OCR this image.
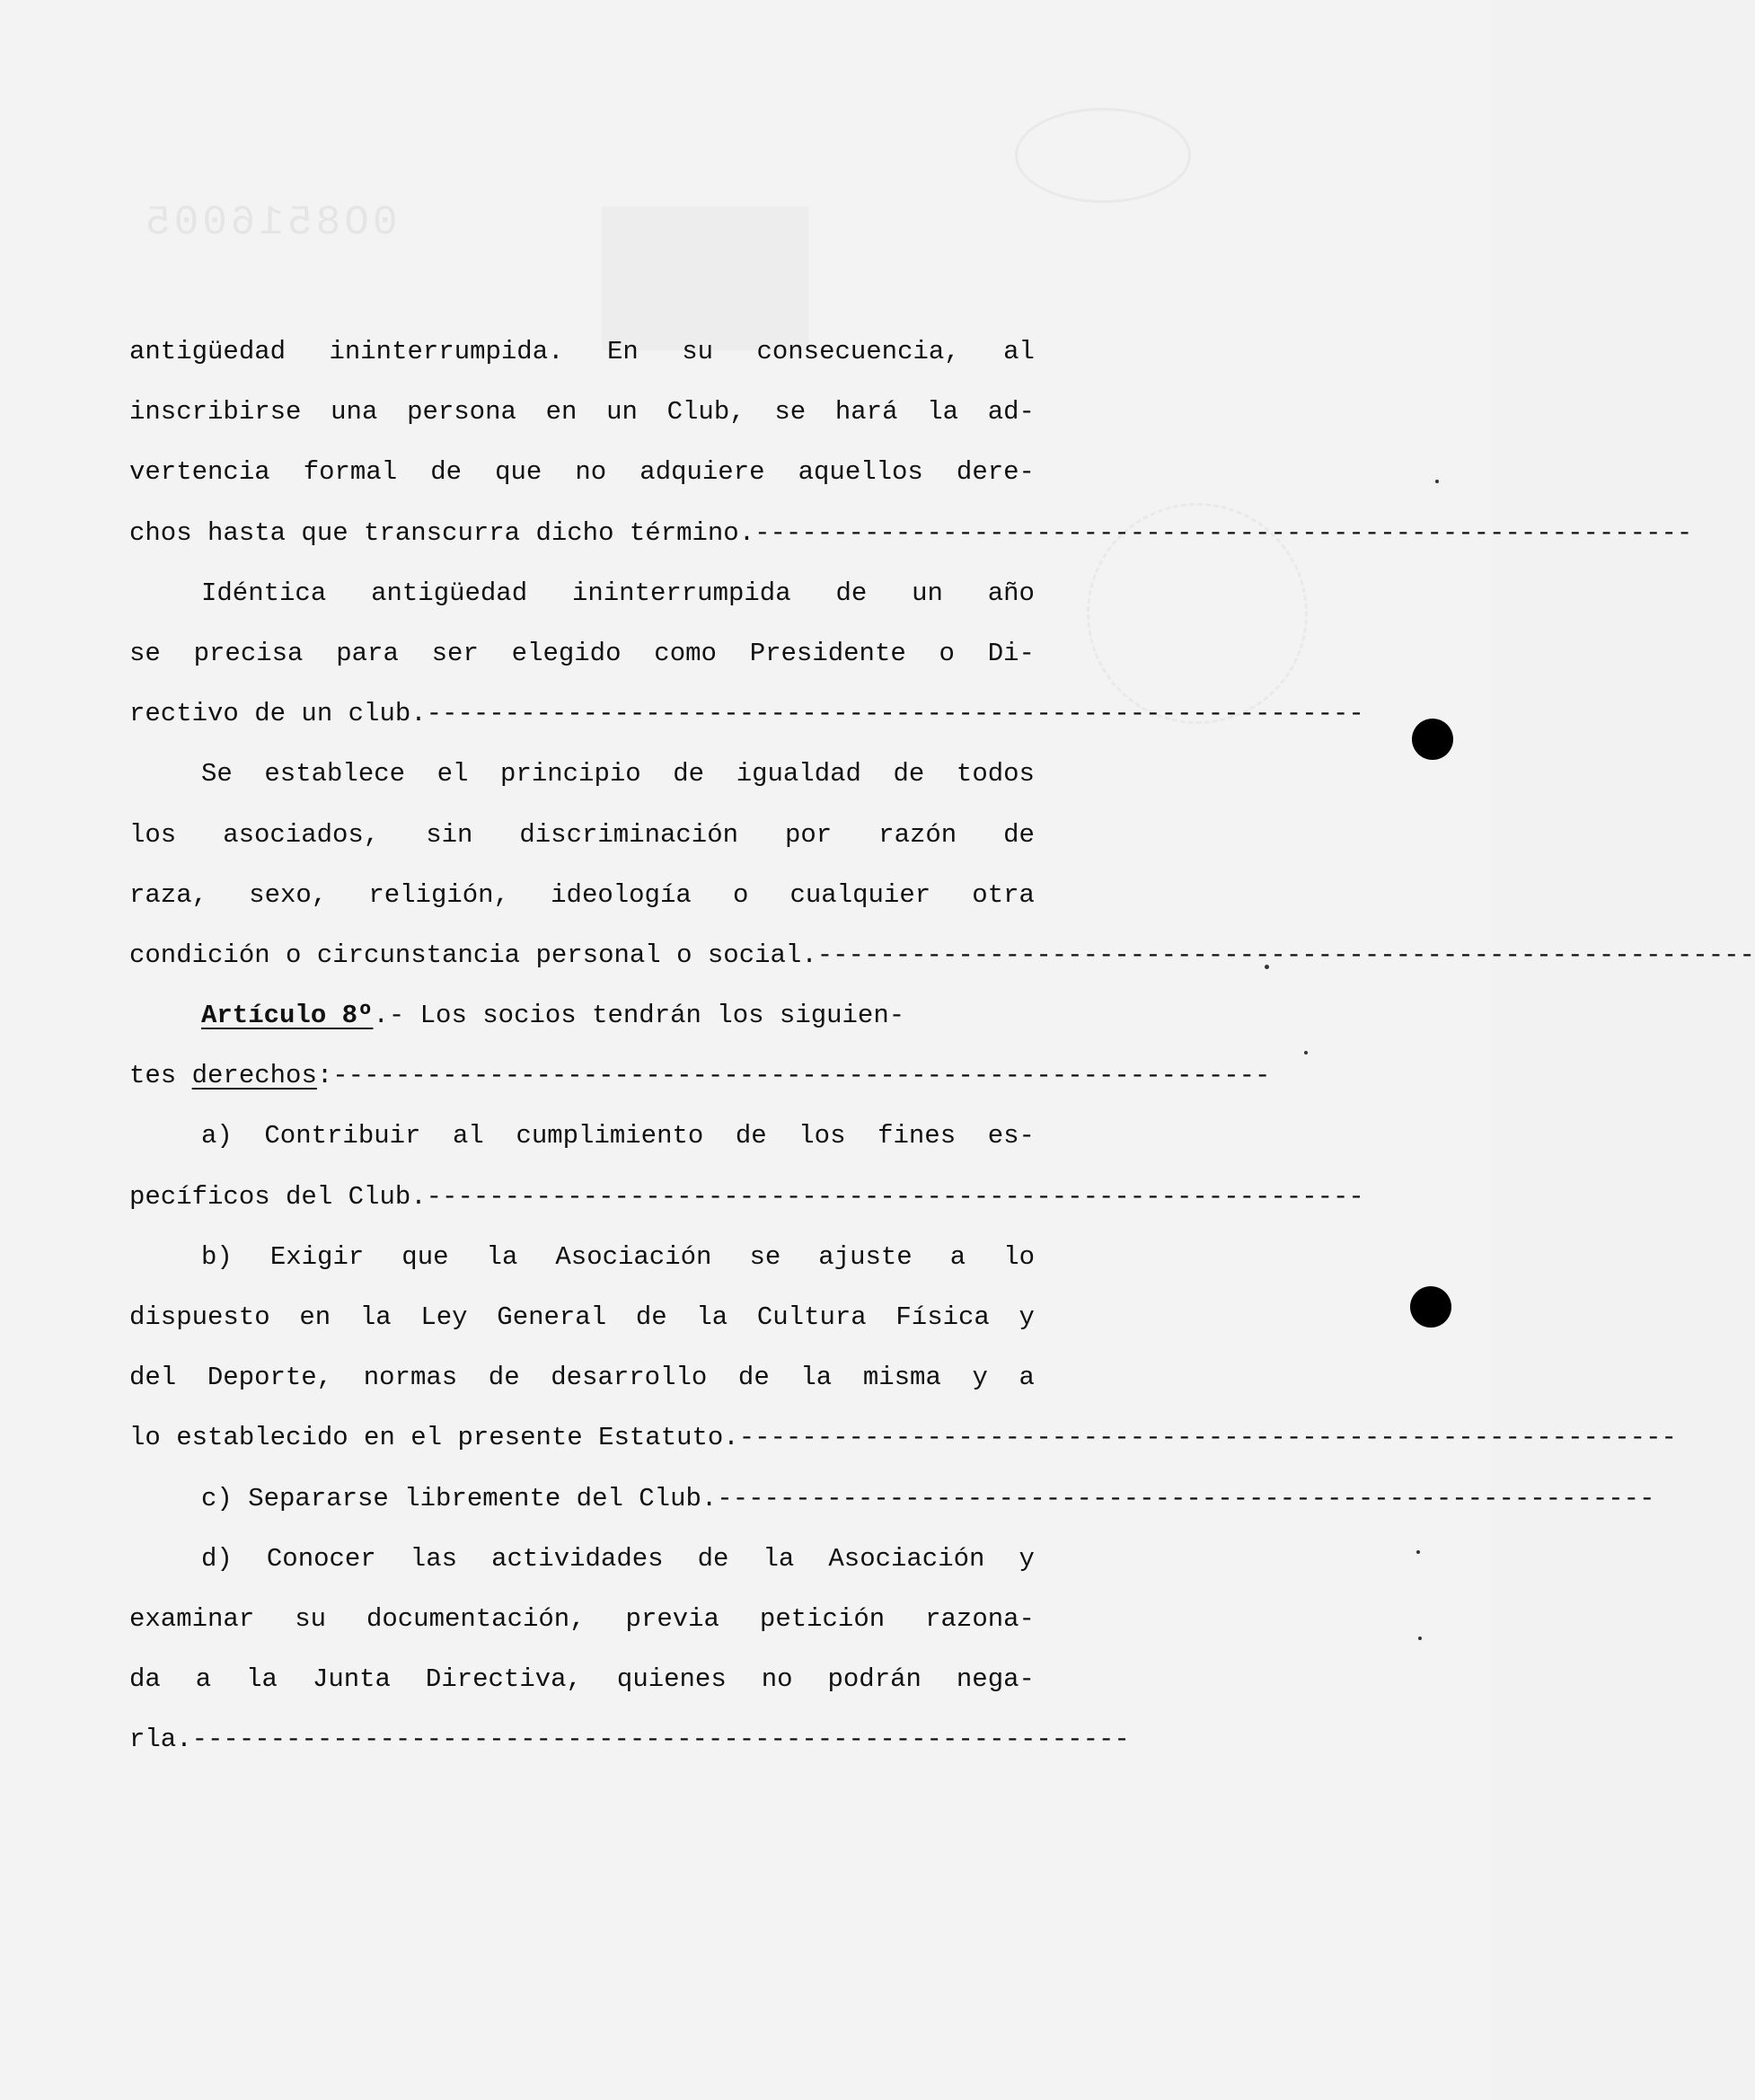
0O8516005
antigüedad ininterrumpida. En su consecuencia, al
inscribirse una persona en un Club, se hará la ad-
vertencia formal de que no adquiere aquellos dere-
chos hasta que transcurra dicho término. ------------------------------------------------------------
Idéntica antigüedad ininterrumpida de un año
se precisa para ser elegido como Presidente o Di-
rectivo de un club. ------------------------------------------------------------
Se establece el principio de igualdad de todos
los asociados, sin discriminación por razón de
raza, sexo, religión, ideología o cualquier otra
condición o circunstancia personal o social. ------------------------------------------------------------
Artículo 8º.- Los socios tendrán los siguien-
tes derechos: ------------------------------------------------------------
a) Contribuir al cumplimiento de los fines es-
pecíficos del Club. ------------------------------------------------------------
b) Exigir que la Asociación se ajuste a lo
dispuesto en la Ley General de la Cultura Física y
del Deporte, normas de desarrollo de la misma y a
lo establecido en el presente Estatuto. ------------------------------------------------------------
c) Separarse libremente del Club. ------------------------------------------------------------
d) Conocer las actividades de la Asociación y
examinar su documentación, previa petición razona-
da a la Junta Directiva, quienes no podrán nega-
rla. ------------------------------------------------------------
